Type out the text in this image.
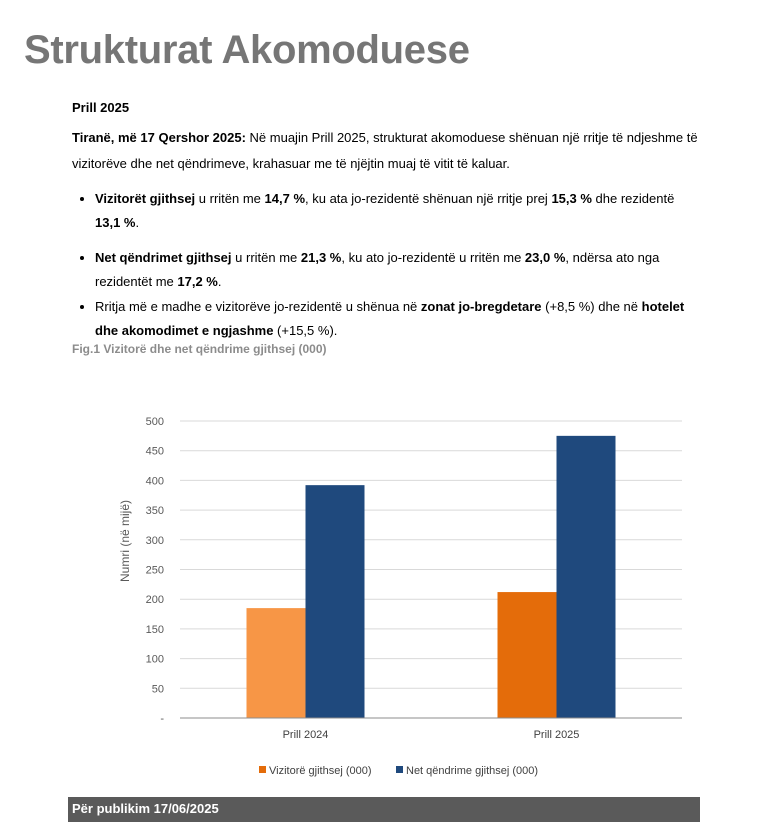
Strukturat Akomoduese

Prill 2025

Tiranë, më 17 Qershor 2025: Në muajin Prill 2025, strukturat akomoduese shënuan një rritje të ndjeshme të vizitorëve dhe net qëndrimeve, krahasuar me të njëjtin muaj të vitit të kaluar.

• Vizitorët gjithsej u rritën me 14,7 %, ku ata jo-rezidentë shënuan një rritje prej 15,3 % dhe rezidentë 13,1 %.
• Net qëndrimet gjithsej u rritën me 21,3 %, ku ato jo-rezidentë u rritën me 23,0 %, ndërsa ato nga rezidentët me 17,2 %.
• Rritja më e madhe e vizitorëve jo-rezidentë u shënua në zonat jo-bregdetare (+8,5 %) dhe në hotelet dhe akomodimet e ngjashme (+15,5 %).

Fig.1 Vizitorë dhe net qëndrime gjithsej (000)

-
50
100
150
200
250
300
350
400
450
500
Numri (në mijë)
Prill 2024	Prill 2025
Vizitorë gjithsej (000)	Net qëndrime gjithsej (000)
Për publikim 17/06/2025
